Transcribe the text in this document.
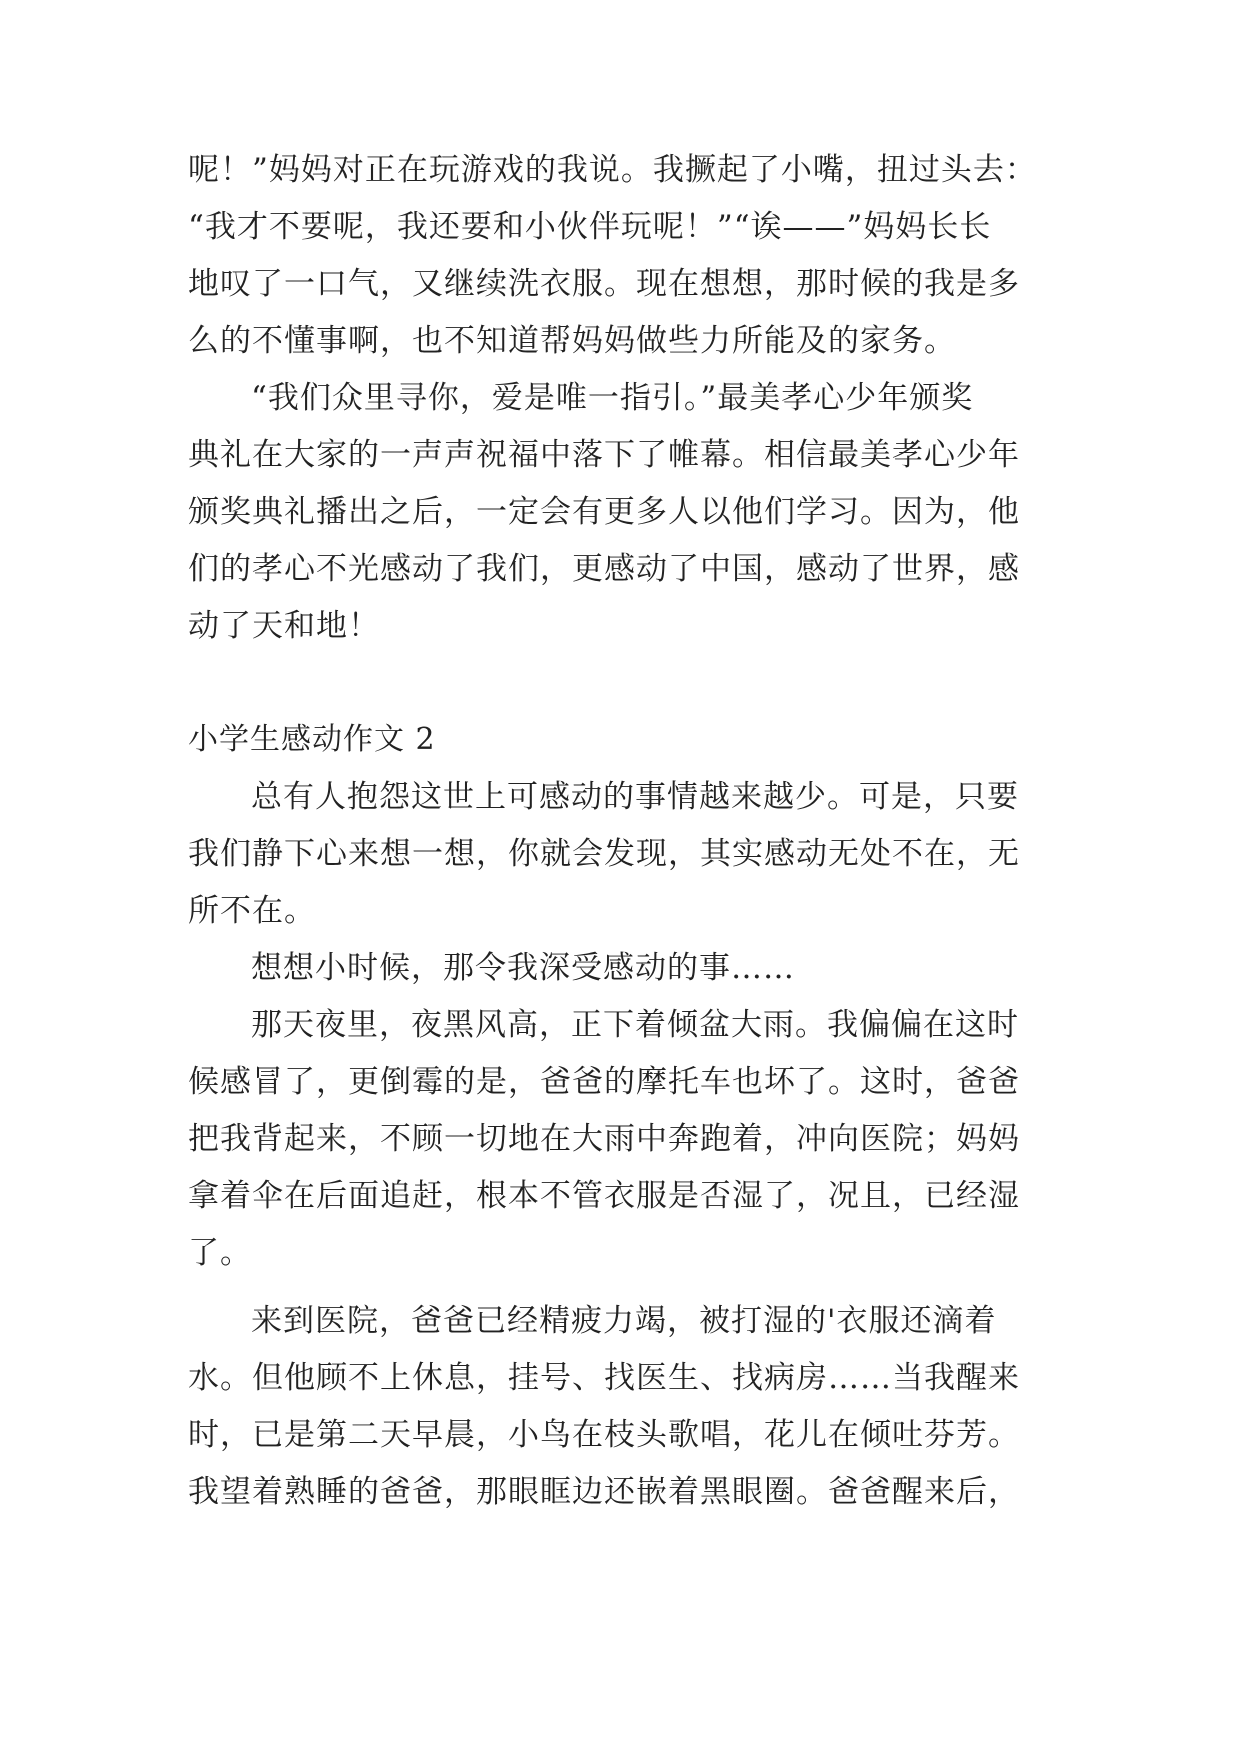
呢！”妈妈对正在玩游戏的我说。我撅起了小嘴，扭过头去：
“我才不要呢，我还要和小伙伴玩呢！”“诶——”妈妈长长
地叹了一口气，又继续洗衣服。现在想想，那时候的我是多
么的不懂事啊，也不知道帮妈妈做些力所能及的家务。
“我们众里寻你，爱是唯一指引。”最美孝心少年颁奖
典礼在大家的一声声祝福中落下了帷幕。相信最美孝心少年
颁奖典礼播出之后，一定会有更多人以他们学习。因为，他
们的孝心不光感动了我们，更感动了中国，感动了世界，感
动了天和地！
小学生感动作文 2
总有人抱怨这世上可感动的事情越来越少。可是，只要
我们静下心来想一想，你就会发现，其实感动无处不在，无
所不在。
想想小时候，那令我深受感动的事……
那天夜里，夜黑风高，正下着倾盆大雨。我偏偏在这时
候感冒了，更倒霉的是，爸爸的摩托车也坏了。这时，爸爸
把我背起来，不顾一切地在大雨中奔跑着，冲向医院；妈妈
拿着伞在后面追赶，根本不管衣服是否湿了，况且，已经湿
了。
来到医院，爸爸已经精疲力竭，被打湿的'衣服还滴着
水。但他顾不上休息，挂号、找医生、找病房……当我醒来
时，已是第二天早晨，小鸟在枝头歌唱，花儿在倾吐芬芳。
我望着熟睡的爸爸，那眼眶边还嵌着黑眼圈。爸爸醒来后，
